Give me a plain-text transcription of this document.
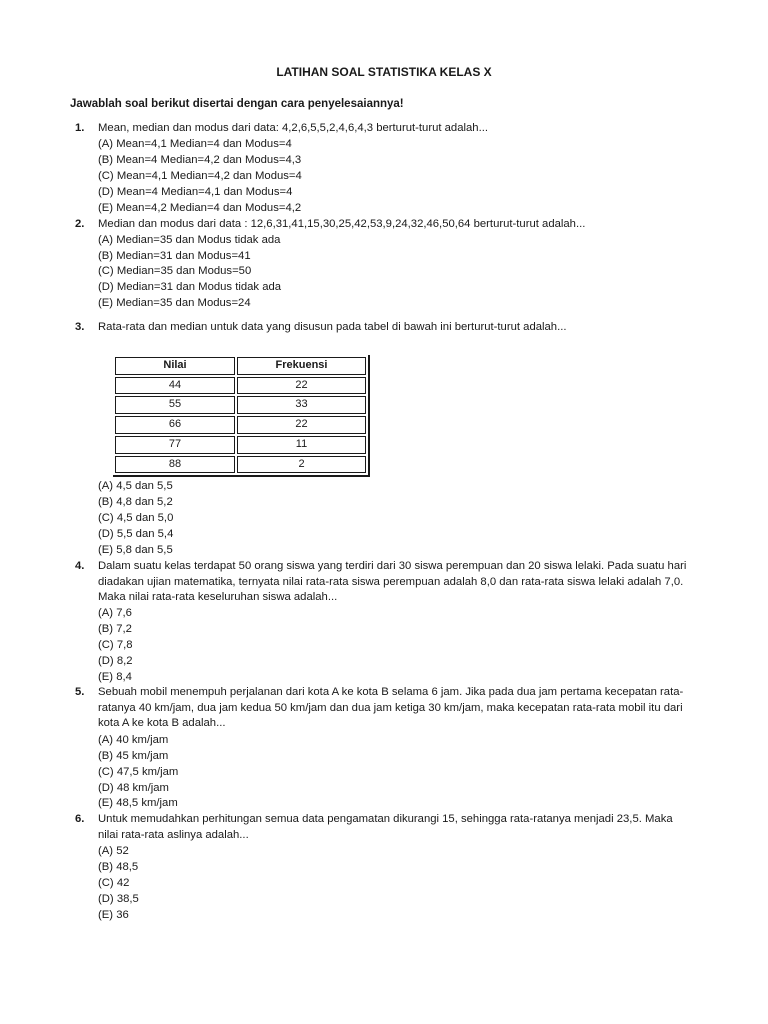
LATIHAN SOAL STATISTIKA KELAS X
Jawablah soal berikut disertai dengan cara penyelesaiannya!
1. Mean, median dan modus dari data: 4,2,6,5,5,2,4,6,4,3 berturut-turut adalah...
(A) Mean=4,1 Median=4 dan Modus=4
(B) Mean=4 Median=4,2 dan Modus=4,3
(C) Mean=4,1 Median=4,2 dan Modus=4
(D) Mean=4 Median=4,1 dan Modus=4
(E) Mean=4,2 Median=4 dan Modus=4,2
2. Median dan modus dari data : 12,6,31,41,15,30,25,42,53,9,24,32,46,50,64 berturut-turut adalah...
(A) Median=35 dan Modus tidak ada
(B) Median=31 dan Modus=41
(C) Median=35 dan Modus=50
(D) Median=31 dan Modus tidak ada
(E) Median=35 dan Modus=24
3. Rata-rata dan median untuk data yang disusun pada tabel di bawah ini berturut-turut adalah...
Nilai	Frekuensi
44	22
55	33
66	22
77	11
88	2
(A) 4,5 dan 5,5
(B) 4,8 dan 5,2
(C) 4,5 dan 5,0
(D) 5,5 dan 5,4
(E) 5,8 dan 5,5
4. Dalam suatu kelas terdapat 50 orang siswa yang terdiri dari 30 siswa perempuan dan 20 siswa lelaki. Pada suatu hari diadakan ujian matematika, ternyata nilai rata-rata siswa perempuan adalah 8,0 dan rata-rata siswa lelaki adalah 7,0. Maka nilai rata-rata keseluruhan siswa adalah...
(A) 7,6
(B) 7,2
(C) 7,8
(D) 8,2
(E) 8,4
5. Sebuah mobil menempuh perjalanan dari kota A ke kota B selama 6 jam. Jika pada dua jam pertama kecepatan rata-ratanya 40 km/jam, dua jam kedua 50 km/jam dan dua jam ketiga 30 km/jam, maka kecepatan rata-rata mobil itu dari kota A ke kota B adalah...
(A) 40 km/jam
(B) 45 km/jam
(C) 47,5 km/jam
(D) 48 km/jam
(E) 48,5 km/jam
6. Untuk memudahkan perhitungan semua data pengamatan dikurangi 15, sehingga rata-ratanya menjadi 23,5. Maka nilai rata-rata aslinya adalah...
(A) 52
(B) 48,5
(C) 42
(D) 38,5
(E) 36
